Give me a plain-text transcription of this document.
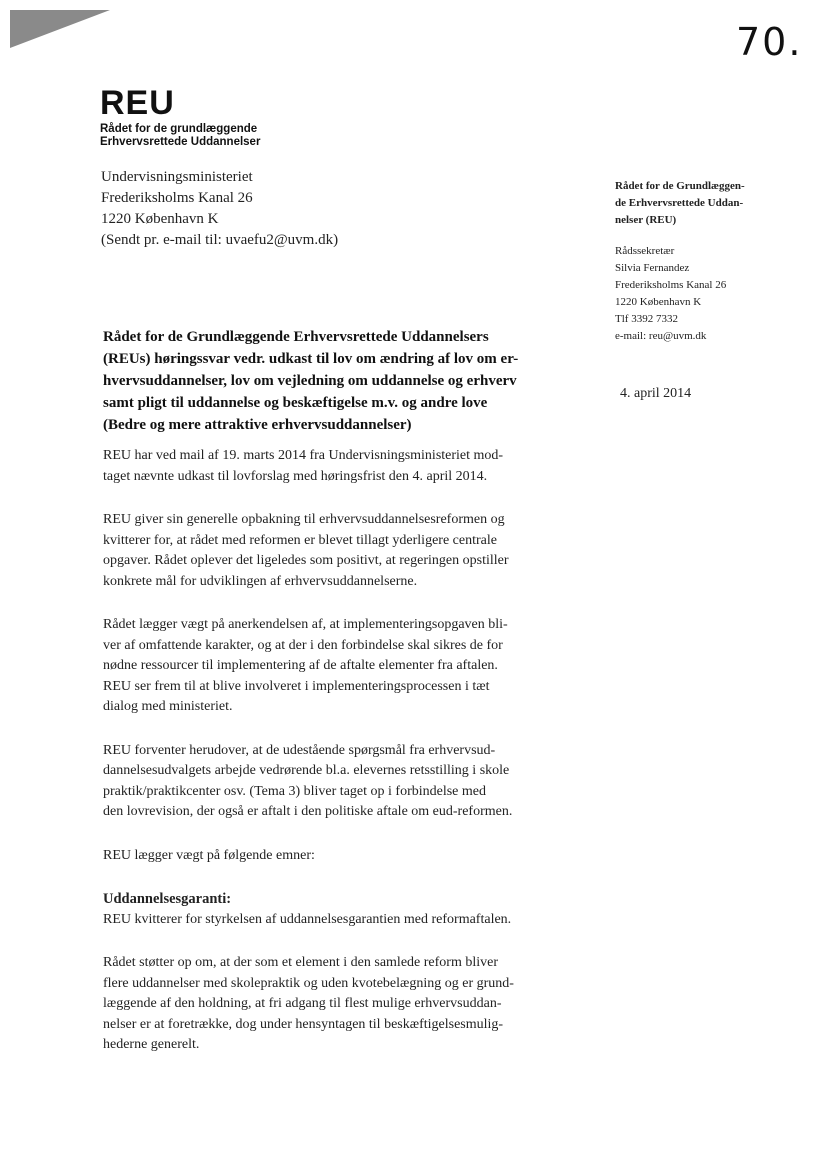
70.
REU
Rådet for de grundlæggende
Erhvervsrettede Uddannelser
Undervisningsministeriet
Frederiksholms Kanal 26
1220 København K
(Sendt pr. e-mail til: uvaefu2@uvm.dk)
Rådet for de Grundlæggen-
de Erhvervsrettede Uddan-
nelser (REU)
Rådssekretær
Silvia Fernandez
Frederiksholms Kanal 26
1220 København K
Tlf 3392 7332
e-mail: reu@uvm.dk
4. april 2014
Rådet for de Grundlæggende Erhvervsrettede Uddannelsers
(REUs) høringssvar vedr. udkast til lov om ændring af lov om er-
hvervsuddannelser, lov om vejledning om uddannelse og erhverv
samt pligt til uddannelse og beskæftigelse m.v. og andre love
(Bedre og mere attraktive erhvervsuddannelser)

REU har ved mail af 19. marts 2014 fra Undervisningsministeriet mod-
taget nævnte udkast til lovforslag med høringsfrist den 4. april 2014.

REU giver sin generelle opbakning til erhvervsuddannelsesreformen og
kvitterer for, at rådet med reformen er blevet tillagt yderligere centrale
opgaver. Rådet oplever det ligeledes som positivt, at regeringen opstiller
konkrete mål for udviklingen af erhvervsuddannelserne.

Rådet lægger vægt på anerkendelsen af, at implementeringsopgaven bli-
ver af omfattende karakter, og at der i den forbindelse skal sikres de for
nødne ressourcer til implementering af de aftalte elementer fra aftalen.
REU ser frem til at blive involveret i implementeringsprocessen i tæt
dialog med ministeriet.

REU forventer herudover, at de udestående spørgsmål fra erhvervsud-
dannelsesudvalgets arbejde vedrørende bl.a. elevernes retsstilling i skole
praktik/praktikcenter osv. (Tema 3) bliver taget op i forbindelse med
den lovrevision, der også er aftalt i den politiske aftale om eud-reformen.

REU lægger vægt på følgende emner:

Uddannelsesgaranti:

REU kvitterer for styrkelsen af uddannelsesgarantien med reformaftalen.

Rådet støtter op om, at der som et element i den samlede reform bliver
flere uddannelser med skolepraktik og uden kvotebelægning og er grund-
læggende af den holdning, at fri adgang til flest mulige erhvervsuddan-
nelser er at foretrække, dog under hensyntagen til beskæftigelsesmulig-
hederne generelt.
